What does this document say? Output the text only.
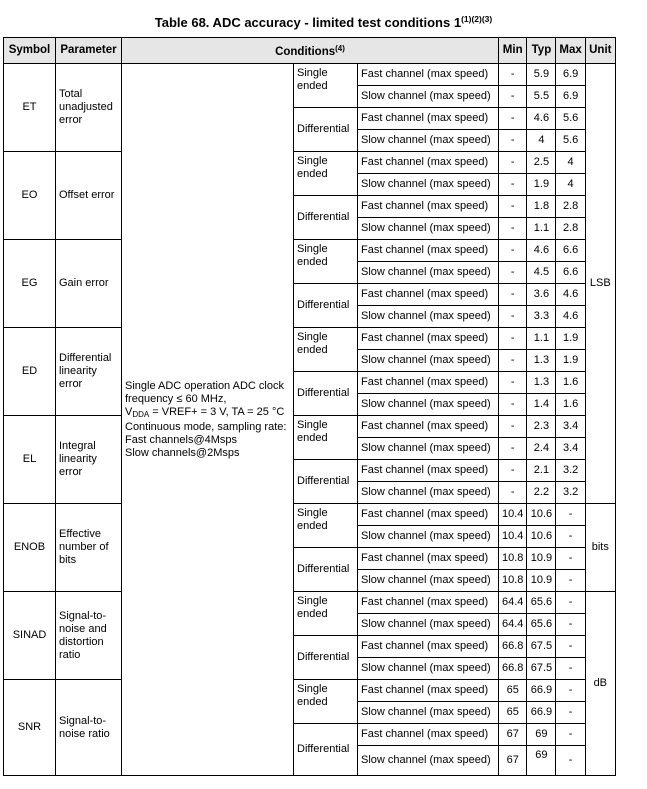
Table 68. ADC accuracy - limited test conditions $1^{(1)(2)(3)}$
Symbol	Parameter	Conditions$^{(4)}$			Min	Typ	Max	Unit
ET	Total unadjusted error	Single ADC operation ADC clock frequency ≤ 60 MHz,
$V_{DDA}$ = VREF+ = 3 V, TA = 25 °C
Continuous mode, sampling rate:
Fast channels@4Msps
Slow channels@2Msps	Single ended	Fast channel (max speed)	-	5.9	6.9	LSB
				Slow channel (max speed)	-	5.5	6.9	
			Differential	Fast channel (max speed)	-	4.6	5.6	
				Slow channel (max speed)	-	4	5.6	
EO	Offset error		Single ended	Fast channel (max speed)	-	2.5	4	
				Slow channel (max speed)	-	1.9	4	
			Differential	Fast channel (max speed)	-	1.8	2.8	
				Slow channel (max speed)	-	1.1	2.8	
EG	Gain error		Single ended	Fast channel (max speed)	-	4.6	6.6	
				Slow channel (max speed)	-	4.5	6.6	
			Differential	Fast channel (max speed)	-	3.6	4.6	
				Slow channel (max speed)	-	3.3	4.6	
ED	Differential linearity error		Single ended	Fast channel (max speed)	-	1.1	1.9	
				Slow channel (max speed)	-	1.3	1.9	
			Differential	Fast channel (max speed)	-	1.3	1.6	
				Slow channel (max speed)	-	1.4	1.6	
EL	Integral linearity error		Single ended	Fast channel (max speed)	-	2.3	3.4	
				Slow channel (max speed)	-	2.4	3.4	
			Differential	Fast channel (max speed)	-	2.1	3.2	
				Slow channel (max speed)	-	2.2	3.2	
ENOB	Effective number of bits		Single ended	Fast channel (max speed)	10.4	10.6	-	bits
				Slow channel (max speed)	10.4	10.6	-	
			Differential	Fast channel (max speed)	10.8	10.9	-	
				Slow channel (max speed)	10.8	10.9	-	
SINAD	Signal-to-noise and distortion ratio		Single ended	Fast channel (max speed)	64.4	65.6	-	dB
				Slow channel (max speed)	64.4	65.6	-	
			Differential	Fast channel (max speed)	66.8	67.5	-	
				Slow channel (max speed)	66.8	67.5	-	
SNR	Signal-to-noise ratio		Single ended	Fast channel (max speed)	65	66.9	-	
				Slow channel (max speed)	65	66.9	-	
			Differential	Fast channel (max speed)	67	69	-	
				Slow channel (max speed)	67	69	-	
